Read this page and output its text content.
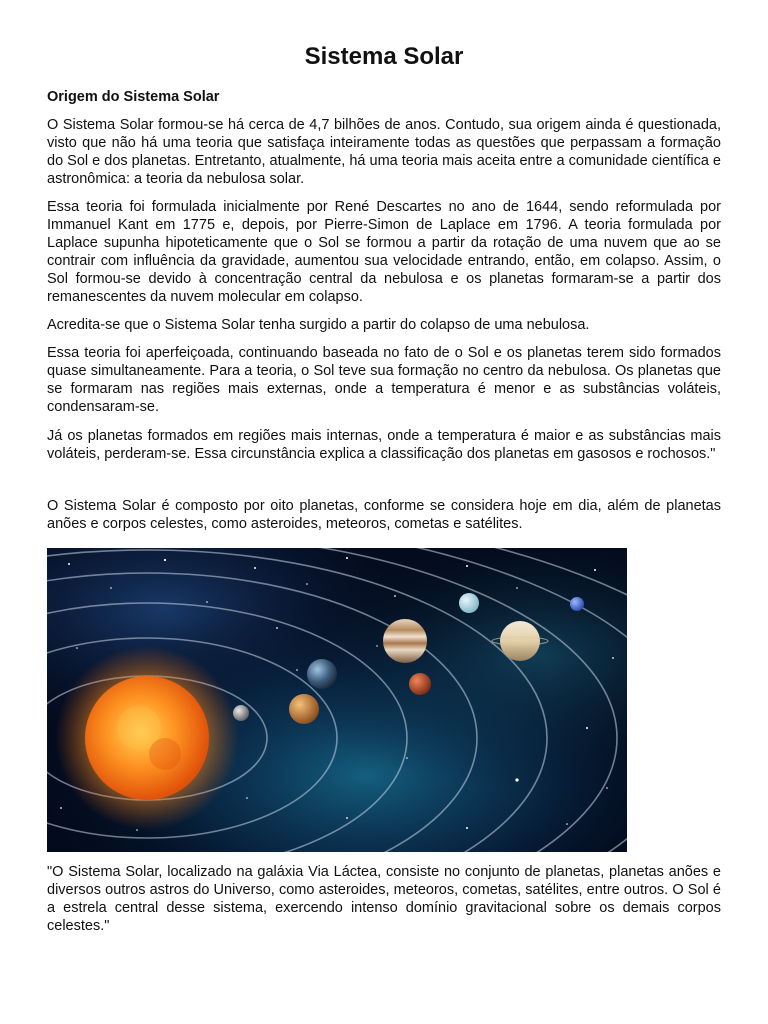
Sistema Solar
Origem do Sistema Solar

O Sistema Solar formou-se há cerca de 4,7 bilhões de anos. Contudo, sua origem ainda é questionada, visto que não há uma teoria que satisfaça inteiramente todas as questões que perpassam a formação do Sol e dos planetas. Entretanto, atualmente, há uma teoria mais aceita entre a comunidade científica e astronômica: a teoria da nebulosa solar.

Essa teoria foi formulada inicialmente por René Descartes no ano de 1644, sendo reformulada por Immanuel Kant em 1775 e, depois, por Pierre-Simon de Laplace em 1796. A teoria formulada por Laplace supunha hipoteticamente que o Sol se formou a partir da rotação de uma nuvem que ao se contrair com influência da gravidade, aumentou sua velocidade entrando, então, em colapso. Assim, o Sol formou-se devido à concentração central da nebulosa e os planetas formaram-se a partir dos remanescentes da nuvem molecular em colapso.

Acredita-se que o Sistema Solar tenha surgido a partir do colapso de uma nebulosa.

Essa teoria foi aperfeiçoada, continuando baseada no fato de o Sol e os planetas terem sido formados quase simultaneamente. Para a teoria, o Sol teve sua formação no centro da nebulosa. Os planetas que se formaram nas regiões mais externas, onde a temperatura é menor e as substâncias voláteis, condensaram-se.

Já os planetas formados em regiões mais internas, onde a temperatura é maior e as substâncias mais voláteis, perderam-se. Essa circunstância explica a classificação dos planetas em gasosos e rochosos."

O Sistema Solar é composto por oito planetas, conforme se considera hoje em dia, além de planetas anões e corpos celestes, como asteroides, meteoros, cometas e satélites.

"O Sistema Solar, localizado na galáxia Via Láctea, consiste no conjunto de planetas, planetas anões e diversos outros astros do Universo, como asteroides, meteoros, cometas, satélites, entre outros. O Sol é a estrela central desse sistema, exercendo intenso domínio gravitacional sobre os demais corpos celestes."
